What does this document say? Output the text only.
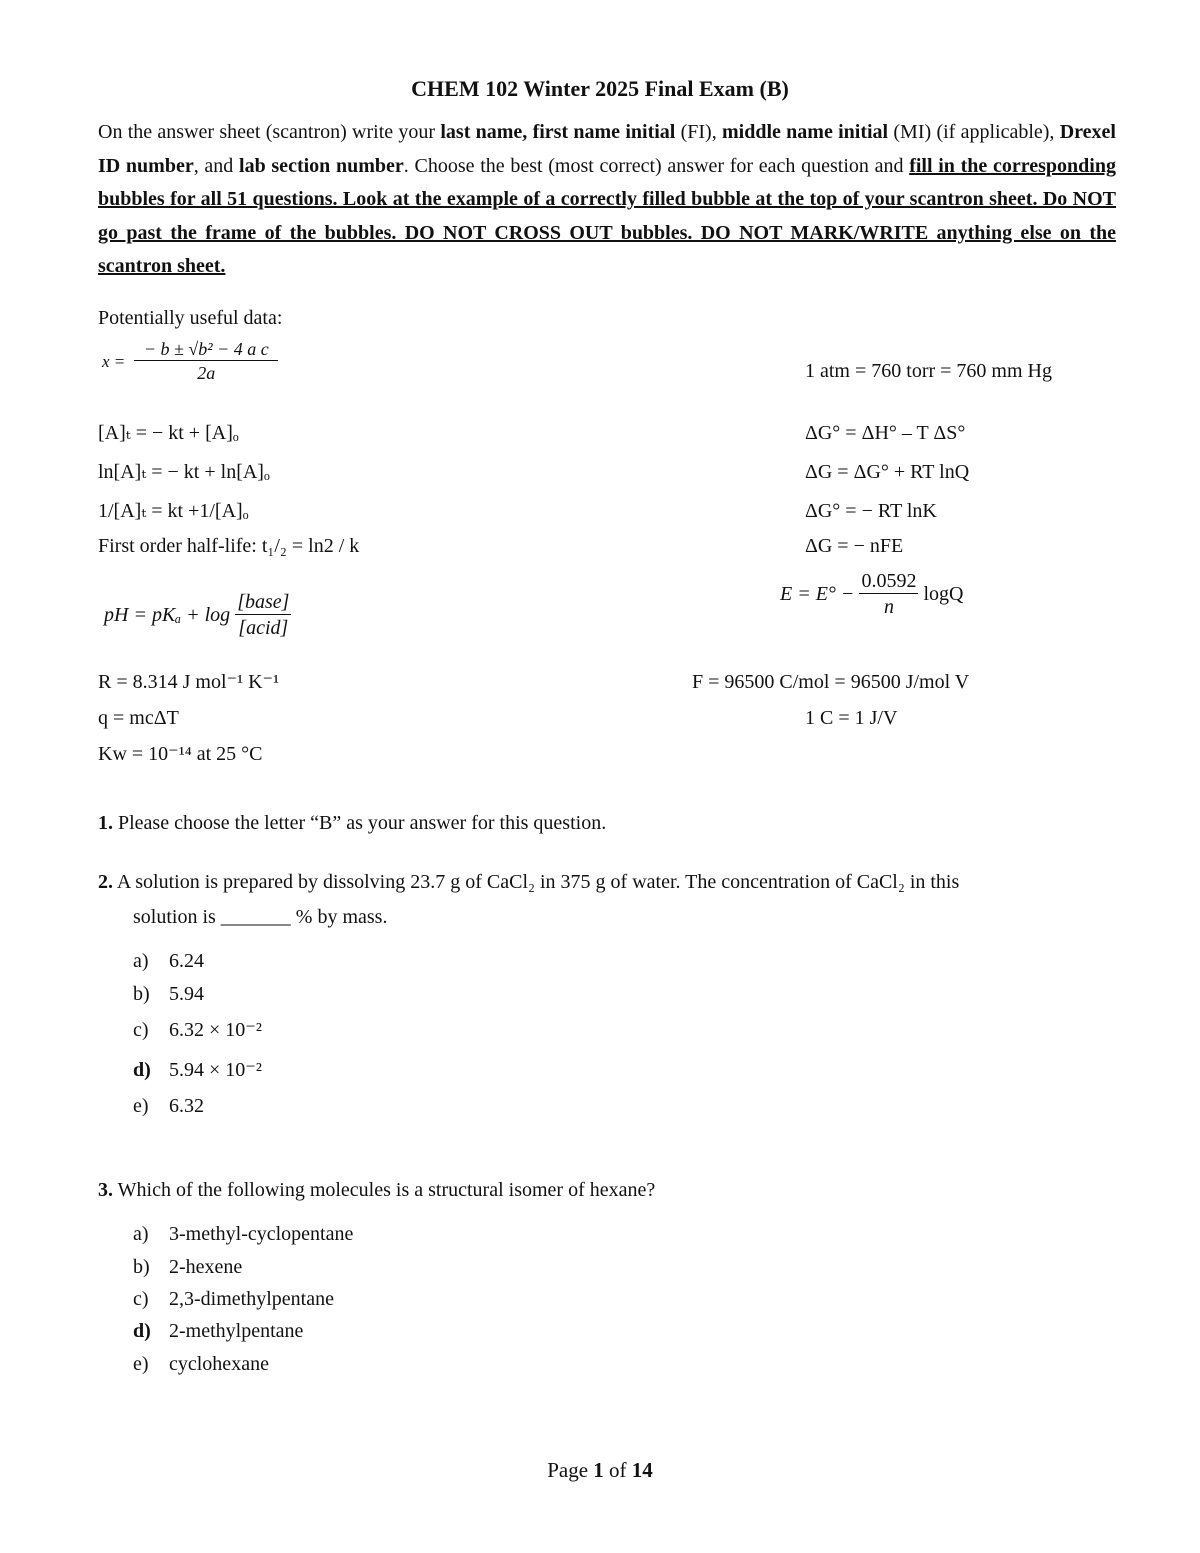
CHEM 102 Winter 2025 Final Exam (B)
On the answer sheet (scantron) write your last name, first name initial (FI), middle name initial (MI) (if applicable), Drexel ID number, and lab section number. Choose the best (most correct) answer for each question and fill in the corresponding bubbles for all 51 questions. Look at the example of a correctly filled bubble at the top of your scantron sheet. Do NOT go past the frame of the bubbles. DO NOT CROSS OUT bubbles. DO NOT MARK/WRITE anything else on the scantron sheet.
Potentially useful data:
$x = \frac{\text{− b ± √b² − 4 a c}}{2a}$	1 atm = 760 torr = 760 mm Hg
[A]ₜ = − kt + [A]ₒ	ΔG° = ΔH° – T ΔS°
ln[A]ₜ = − kt + ln[A]ₒ	ΔG = ΔG° + RT lnQ
1/[A]ₜ = kt +1/[A]ₒ	ΔG° = − RT lnK
First order half-life: t₁/₂ = ln2 / k	ΔG = − nFE
$E = E^\circ - \frac{0.0592}{n}$ logQ
pH = $pK_a + \log \frac{\text{[base]}}{\text{[acid]}}$
R = 8.314 J mol⁻¹ K⁻¹	F = 96500 C/mol = 96500 J/mol V
q = mcΔT	1 C = 1 J/V
Kw = 10⁻¹⁴ at 25 °C
1. Please choose the letter “B” as your answer for this question.
2. A solution is prepared by dissolving 23.7 g of CaCl₂ in 375 g of water. The concentration of CaCl₂ in this
solution is _______ % by mass.
a) 6.24
b) 5.94
c) 6.32 × 10⁻²
d) 5.94 × 10⁻²
e) 6.32
3. Which of the following molecules is a structural isomer of hexane?
a) 3-methyl-cyclopentane
b) 2-hexene
c) 2,3-dimethylpentane
d) 2-methylpentane
e) cyclohexane
Page 1 of 14
